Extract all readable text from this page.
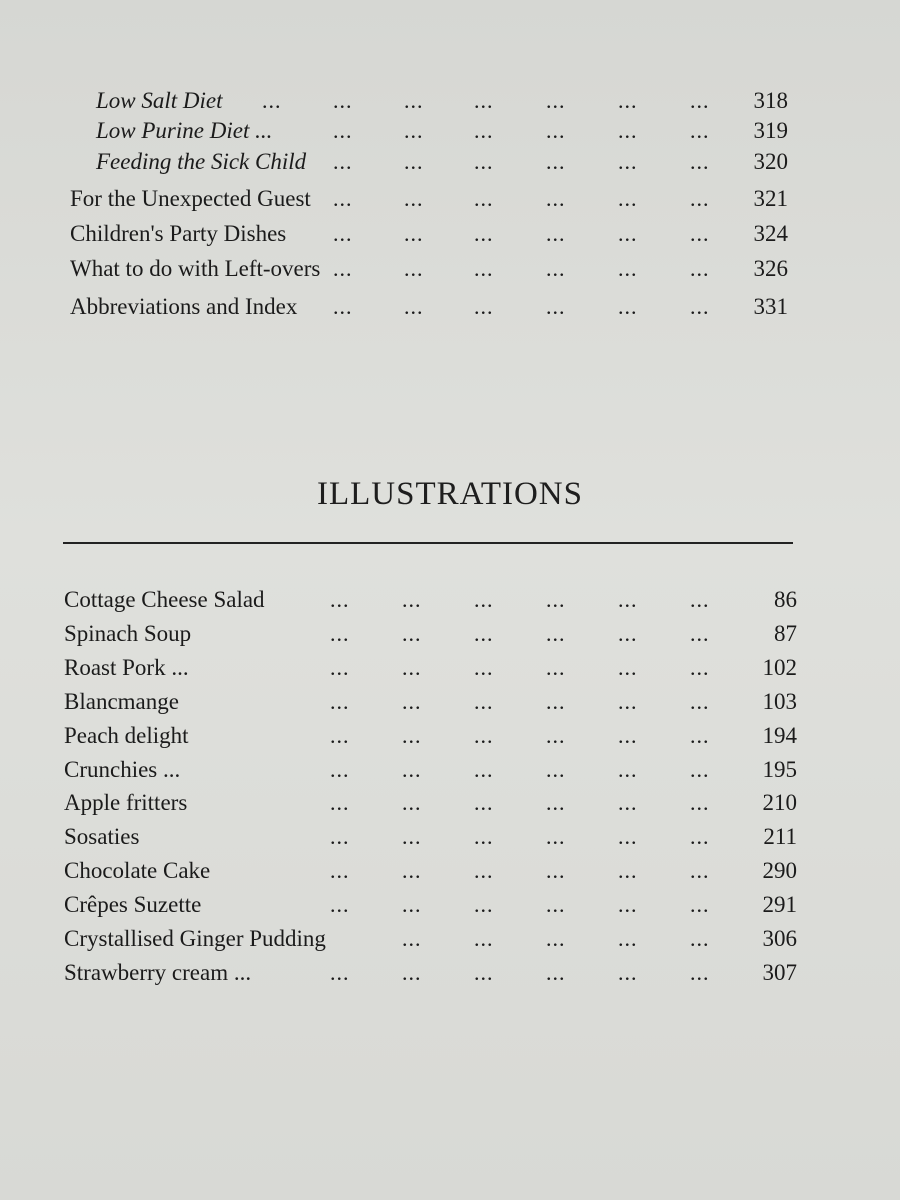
Low Salt Diet	318
... ... ... ... ... ... ...
Low Purine Diet ...	319
... ... ... ... ... ...
Feeding the Sick Child	320
... ... ... ... ... ...
For the Unexpected Guest	321
... ... ... ... ... ...
Children's Party Dishes	324
... ... ... ... ... ...
What to do with Left-overs	326
... ... ... ... ... ...
Abbreviations and Index	331
... ... ... ... ... ...
ILLUSTRATIONS
Cottage Cheese Salad	86
... ... ... ... ... ...
Spinach Soup	87
... ... ... ... ... ...
Roast Pork ...	102
... ... ... ... ... ...
Blancmange	103
... ... ... ... ... ...
Peach delight	194
... ... ... ... ... ...
Crunchies ...	195
... ... ... ... ... ...
Apple fritters	210
... ... ... ... ... ...
Sosaties	211
... ... ... ... ... ...
Chocolate Cake	290
... ... ... ... ... ...
Crêpes Suzette	291
... ... ... ... ... ...
Crystallised Ginger Pudding	306
... ... ... ... ...
Strawberry cream ...	307
... ... ... ... ... ...
